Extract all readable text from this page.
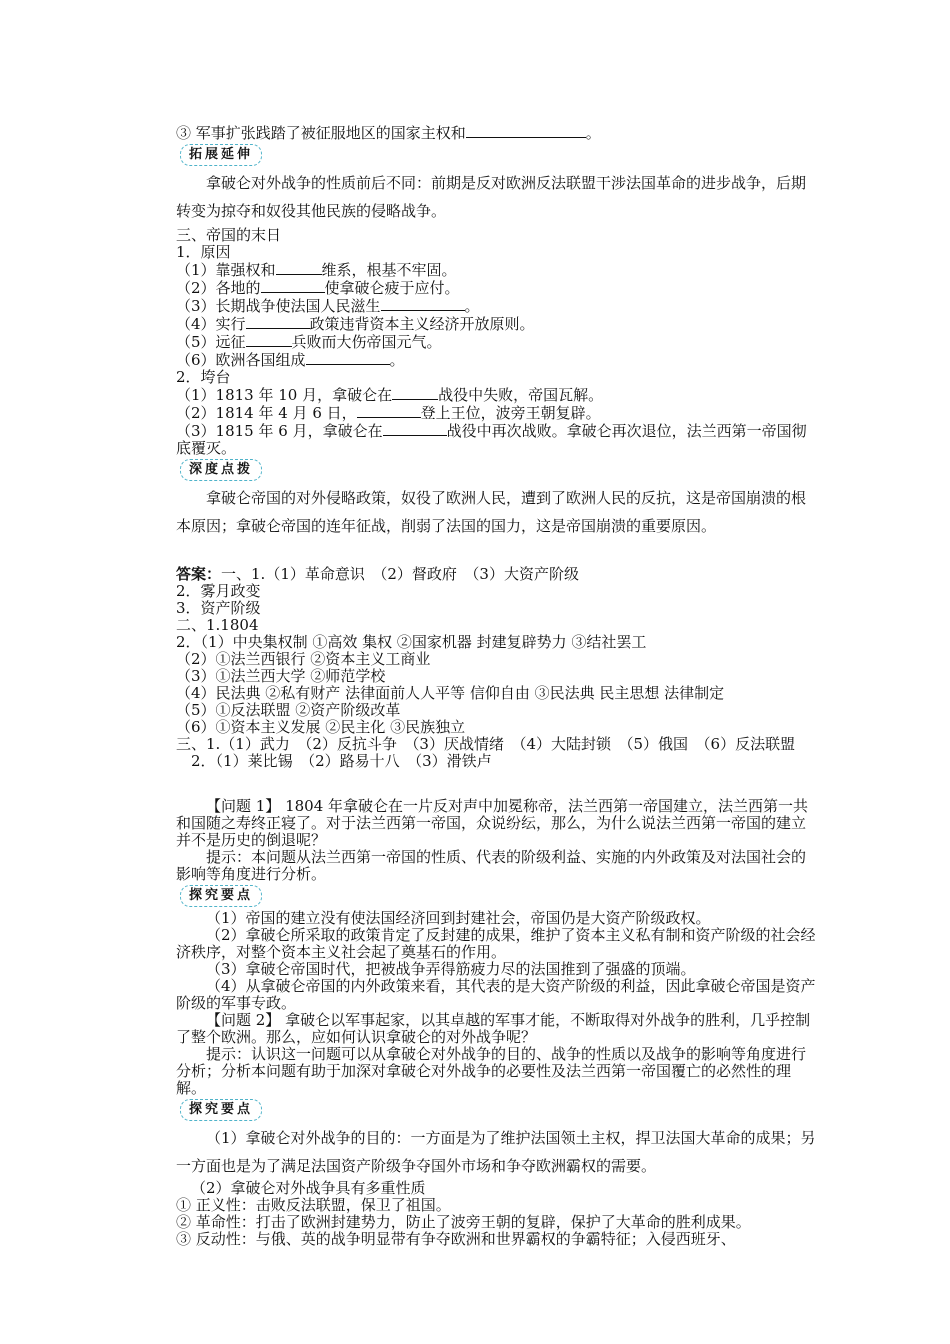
③ 军事扩张践踏了被征服地区的国家主权和	。

拓展延伸

拿破仑对外战争的性质前后不同：前期是反对欧洲反法联盟干涉法国革命的进步战争，后期转变为掠夺和奴役其他民族的侵略战争。

三、帝国的末日

1．原因

（1）靠强权和	维系，根基不牢固。

（2）各地的	使拿破仑疲于应付。

（3）长期战争使法国人民滋生	。

（4）实行	政策违背资本主义经济开放原则。

（5）远征	兵败而大伤帝国元气。

（6）欧洲各国组成	。

2．垮台

（1）1813 年 10 月，拿破仑在	战役中失败，帝国瓦解。

（2）1814 年 4 月 6 日，	登上王位，波旁王朝复辟。

（3）1815 年 6 月，拿破仑在	战役中再次战败。拿破仑再次退位，法兰西第一帝国彻底覆灭。

深度点拨

拿破仑帝国的对外侵略政策，奴役了欧洲人民，遭到了欧洲人民的反抗，这是帝国崩溃的根本原因；拿破仑帝国的连年征战，削弱了法国的国力，这是帝国崩溃的重要原因。

答案：一、1.（1）革命意识　（2）督政府　（3）大资产阶级

2．雾月政变

3．资产阶级

二、1.1804

2．（1）中央集权制 ①高效 集权 ②国家机器 封建复辟势力 ③结社罢工

（2）①法兰西银行 ②资本主义工商业

（3）①法兰西大学 ②师范学校

（4）民法典 ②私有财产 法律面前人人平等 信仰自由 ③民法典 民主思想 法律制定

（5）①反法联盟 ②资产阶级改革

（6）①资本主义发展 ②民主化 ③民族独立

三、1.（1）武力　（2）反抗斗争　（3）厌战情绪　（4）大陆封锁　（5）俄国　（6）反法联盟

2．（1）莱比锡　（2）路易十八　（3）滑铁卢

【问题 1】 1804 年拿破仑在一片反对声中加冕称帝，法兰西第一帝国建立，法兰西第一共和国随之寿终正寝了。对于法兰西第一帝国，众说纷纭，那么，为什么说法兰西第一帝国的建立并不是历史的倒退呢？

提示：本问题从法兰西第一帝国的性质、代表的阶级利益、实施的内外政策及对法国社会的影响等角度进行分析。

探究要点

（1）帝国的建立没有使法国经济回到封建社会，帝国仍是大资产阶级政权。

（2）拿破仑所采取的政策肯定了反封建的成果，维护了资本主义私有制和资产阶级的社会经济秩序，对整个资本主义社会起了奠基石的作用。

（3）拿破仑帝国时代，把被战争弄得筋疲力尽的法国推到了强盛的顶端。

（4）从拿破仑帝国的内外政策来看，其代表的是大资产阶级的利益，因此拿破仑帝国是资产阶级的军事专政。

【问题 2】 拿破仑以军事起家，以其卓越的军事才能，不断取得对外战争的胜利，几乎控制了整个欧洲。那么，应如何认识拿破仑的对外战争呢？

提示：认识这一问题可以从拿破仑对外战争的目的、战争的性质以及战争的影响等角度进行分析；分析本问题有助于加深对拿破仑对外战争的必要性及法兰西第一帝国覆亡的必然性的理解。

探究要点

（1）拿破仑对外战争的目的：一方面是为了维护法国领土主权，捍卫法国大革命的成果；另一方面也是为了满足法国资产阶级争夺国外市场和争夺欧洲霸权的需要。

（2）拿破仑对外战争具有多重性质

① 正义性：击败反法联盟，保卫了祖国。

② 革命性：打击了欧洲封建势力，防止了波旁王朝的复辟，保护了大革命的胜利成果。

③ 反动性：与俄、英的战争明显带有争夺欧洲和世界霸权的争霸特征；入侵西班牙、
